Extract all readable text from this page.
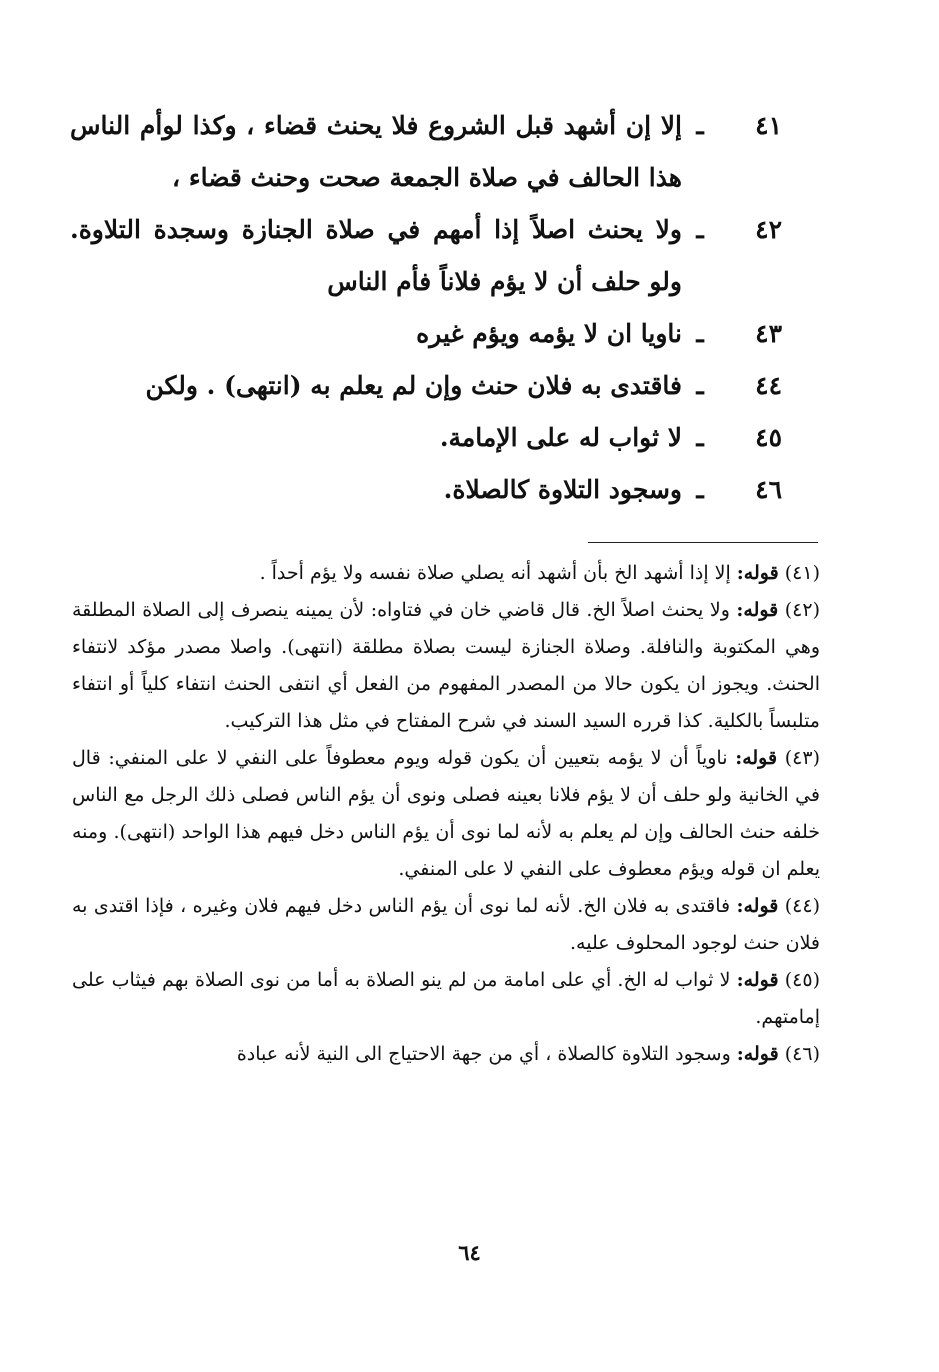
٤١
ـ
إلا إن أشهد قبل الشروع فلا يحنث قضاء ، وكذا لوأم الناس هذا الحالف في صلاة الجمعة صحت وحنث قضاء ،
٤٢
ـ
ولا يحنث اصلاً إذا أمهم في صلاة الجنازة وسجدة التلاوة. ولو حلف أن لا يؤم فلاناً فأم الناس
٤٣
ـ
ناويا ان لا يؤمه ويؤم غيره
٤٤
ـ
فاقتدى به فلان حنث وإن لم يعلم به (انتهى) . ولكن
٤٥
ـ
لا ثواب له على الإمامة.
٤٦
ـ
وسجود التلاوة كالصلاة.

(٤١) قوله: إلا إذا أشهد الخ بأن أشهد أنه يصلي صلاة نفسه ولا يؤم أحداً .

(٤٢) قوله: ولا يحنث اصلاً الخ. قال قاضي خان في فتاواه: لأن يمينه ينصرف إلى الصلاة المطلقة وهي المكتوبة والنافلة. وصلاة الجنازة ليست بصلاة مطلقة (انتهى). واصلا مصدر مؤكد لانتفاء الحنث. ويجوز ان يكون حالا من المصدر المفهوم من الفعل أي انتفى الحنث انتفاء كلياً أو انتفاء متلبساً بالكلية. كذا قرره السيد السند في شرح المفتاح في مثل هذا التركيب.

(٤٣) قوله: ناوياً أن لا يؤمه بتعيين أن يكون قوله ويوم معطوفاً على النفي لا على المنفي: قال في الخانية ولو حلف أن لا يؤم فلانا بعينه فصلى ونوى أن يؤم الناس فصلى ذلك الرجل مع الناس خلفه حنث الحالف وإن لم يعلم به لأنه لما نوى أن يؤم الناس دخل فيهم هذا الواحد (انتهى). ومنه يعلم ان قوله ويؤم معطوف على النفي لا على المنفي.

(٤٤) قوله: فاقتدى به فلان الخ. لأنه لما نوى أن يؤم الناس دخل فيهم فلان وغيره ، فإذا اقتدى به فلان حنث لوجود المحلوف عليه.

(٤٥) قوله: لا ثواب له الخ. أي على امامة من لم ينو الصلاة به أما من نوى الصلاة بهم فيثاب على إمامتهم.

(٤٦) قوله: وسجود التلاوة كالصلاة ، أي من جهة الاحتياج الى النية لأنه عبادة

٦٤
